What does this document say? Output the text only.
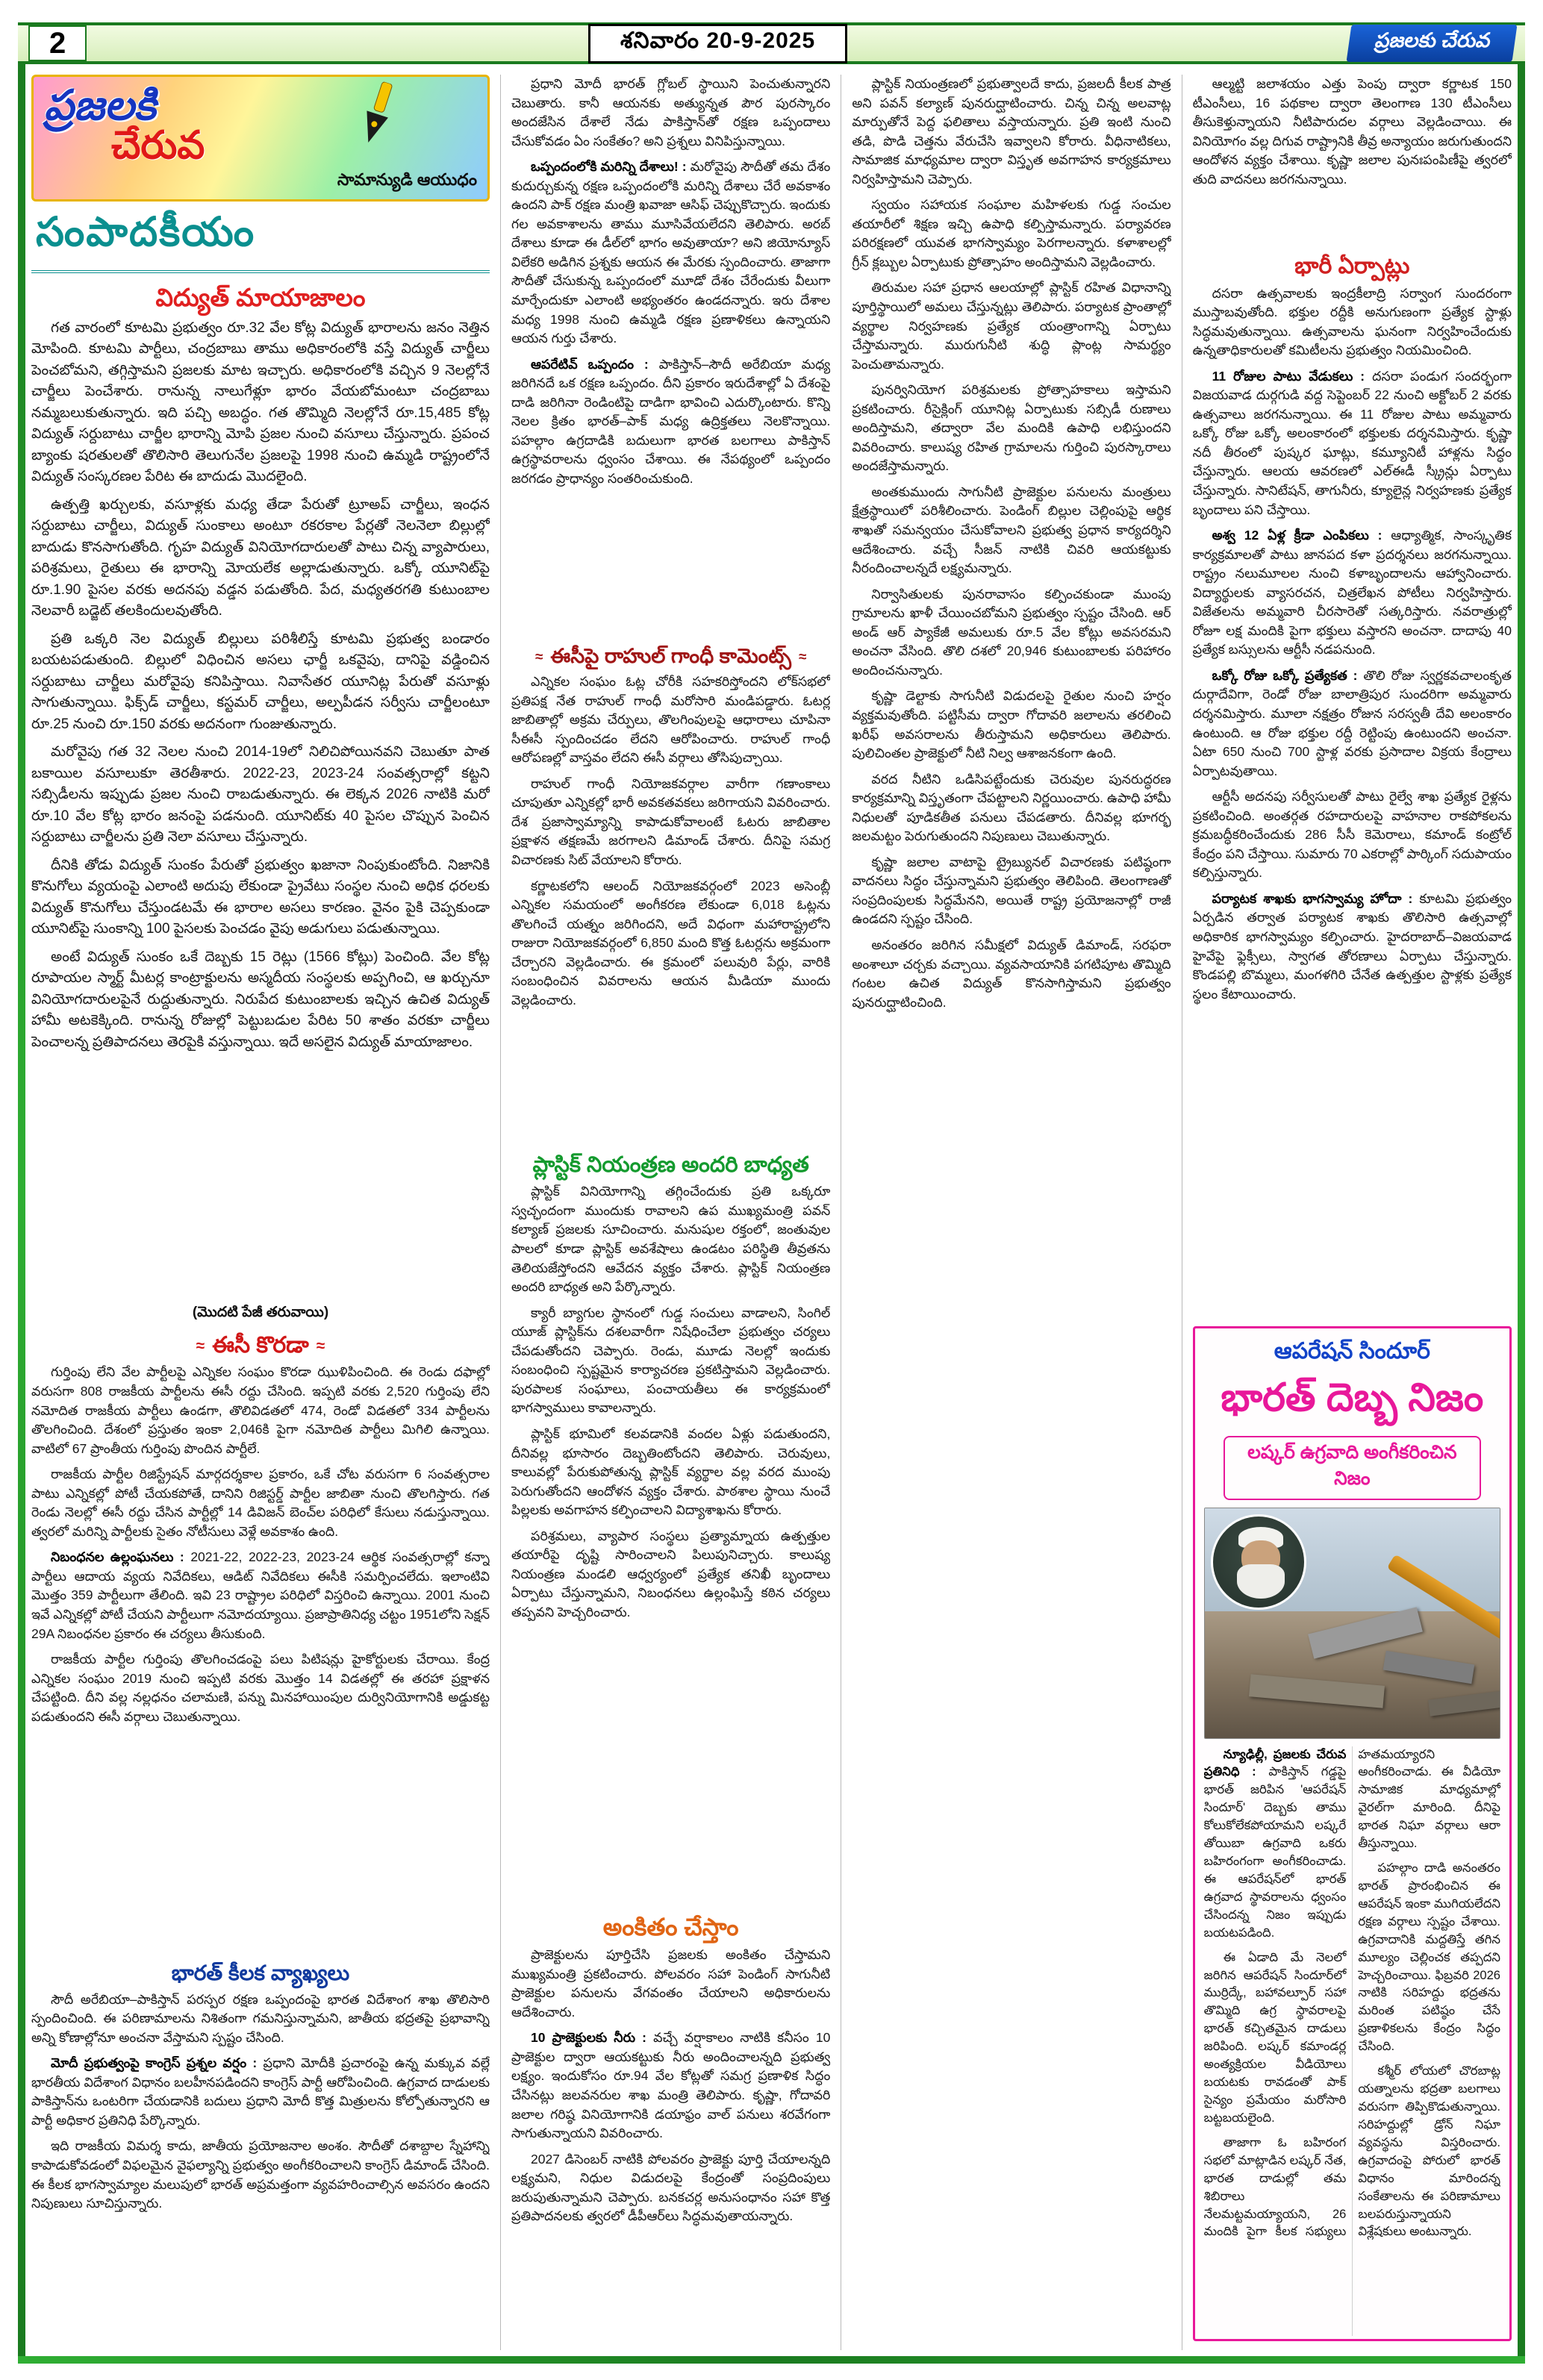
2	శనివారం 20-9-2025	ప్రజలకు చేరువ
ప్రజలకి
చేరువ
సామాన్యుడి ఆయుధం
సంపాదకీయం
విద్యుత్ మాయాజాలం

గత వారంలో కూటమి ప్రభుత్వం రూ.32 వేల కోట్ల విద్యుత్ భారాలను జనం నెత్తిన మోపింది. కూటమి పార్టీలు, చంద్రబాబు తాము అధికారంలోకి వస్తే విద్యుత్ చార్జీలు పెంచబోమని, తగ్గిస్తామని ప్రజలకు మాట ఇచ్చారు. అధికారంలోకి వచ్చిన 9 నెలల్లోనే చార్జీలు పెంచేశారు. రానున్న నాలుగేళ్లూ భారం వేయబోమంటూ చంద్రబాబు నమ్మబలుకుతున్నారు. ఇది పచ్చి అబద్ధం. గత తొమ్మిది నెలల్లోనే రూ.15,485 కోట్ల విద్యుత్ సర్దుబాటు చార్జీల భారాన్ని మోపి ప్రజల నుంచి వసూలు చేస్తున్నారు. ప్రపంచ బ్యాంకు షరతులతో తొలిసారి తెలుగునేల ప్రజలపై 1998 నుంచి ఉమ్మడి రాష్ట్రంలోనే విద్యుత్ సంస్కరణల పేరిట ఈ బాదుడు మొదలైంది.

ఉత్పత్తి ఖర్చులకు, వసూళ్లకు మధ్య తేడా పేరుతో ట్రూఅప్ చార్జీలు, ఇంధన సర్దుబాటు చార్జీలు, విద్యుత్ సుంకాలు అంటూ రకరకాల పేర్లతో నెలనెలా బిల్లుల్లో బాదుడు కొనసాగుతోంది. గృహ విద్యుత్ వినియోగదారులతో పాటు చిన్న వ్యాపారులు, పరిశ్రమలు, రైతులు ఈ భారాన్ని మోయలేక అల్లాడుతున్నారు. ఒక్కో యూనిట్‌పై రూ.1.90 పైసల వరకు అదనపు వడ్డన పడుతోంది. పేద, మధ్యతరగతి కుటుంబాల నెలవారీ బడ్జెట్ తలకిందులవుతోంది.

ప్రతి ఒక్కరి నెల విద్యుత్ బిల్లులు పరిశీలిస్తే కూటమి ప్రభుత్వ బండారం బయటపడుతుంది. బిల్లులో విధించిన అసలు ఛార్జీ ఒకవైపు, దానిపై వడ్డించిన సర్దుబాటు చార్జీలు మరోవైపు కనిపిస్తాయి. నివాసేతర యూనిట్ల పేరుతో వసూళ్లు సాగుతున్నాయి. ఫిక్స్‌డ్ చార్జీలు, కస్టమర్ చార్జీలు, అల్పపీడన సర్వీసు చార్జీలంటూ రూ.25 నుంచి రూ.150 వరకు అదనంగా గుంజుతున్నారు.

మరోవైపు గత 32 నెలల నుంచి 2014-19లో నిలిచిపోయినవని చెబుతూ పాత బకాయిల వసూలుకూ తెరతీశారు. 2022-23, 2023-24 సంవత్సరాల్లో కట్టని సబ్సిడీలను ఇప్పుడు ప్రజల నుంచి రాబడుతున్నారు. ఈ లెక్కన 2026 నాటికి మరో రూ.10 వేల కోట్ల భారం జనంపై పడనుంది. యూనిట్‌కు 40 పైసల చొప్పున పెంచిన సర్దుబాటు చార్జీలను ప్రతి నెలా వసూలు చేస్తున్నారు.

దీనికి తోడు విద్యుత్ సుంకం పేరుతో ప్రభుత్వం ఖజానా నింపుకుంటోంది. నిజానికి కొనుగోలు వ్యయంపై ఎలాంటి అదుపు లేకుండా ప్రైవేటు సంస్థల నుంచి అధిక ధరలకు విద్యుత్ కొనుగోలు చేస్తుండటమే ఈ భారాల అసలు కారణం. వైనం పైకి చెప్పకుండా యూనిట్‌పై సుంకాన్ని 100 పైసలకు పెంచడం వైపు అడుగులు పడుతున్నాయి.

అంటే విద్యుత్ సుంకం ఒకే దెబ్బకు 15 రెట్లు (1566 కోట్లు) పెంచింది. వేల కోట్ల రూపాయల స్మార్ట్ మీటర్ల కాంట్రాక్టులను అస్మదీయ సంస్థలకు అప్పగించి, ఆ ఖర్చునూ వినియోగదారులపైనే రుద్దుతున్నారు. నిరుపేద కుటుంబాలకు ఇచ్చిన ఉచిత విద్యుత్ హామీ అటకెక్కింది. రానున్న రోజుల్లో పెట్టుబడుల పేరిట 50 శాతం వరకూ చార్జీలు పెంచాలన్న ప్రతిపాదనలు తెరపైకి వస్తున్నాయి. ఇదే అసలైన విద్యుత్ మాయాజాలం.

(మొదటి పేజీ తరువాయి)
≈ ఈసీ కొరడా ≈

గుర్తింపు లేని వేల పార్టీలపై ఎన్నికల సంఘం కొరడా ఝుళిపించింది. ఈ రెండు దఫాల్లో వరుసగా 808 రాజకీయ పార్టీలను ఈసీ రద్దు చేసింది. ఇప్పటి వరకు 2,520 గుర్తింపు లేని నమోదిత రాజకీయ పార్టీలు ఉండగా, తొలివిడతలో 474, రెండో విడతలో 334 పార్టీలను తొలగించింది. దేశంలో ప్రస్తుతం ఇంకా 2,046కి పైగా నమోదిత పార్టీలు మిగిలి ఉన్నాయి. వాటిలో 67 ప్రాంతీయ గుర్తింపు పొందిన పార్టీలే.

రాజకీయ పార్టీల రిజిస్ట్రేషన్ మార్గదర్శకాల ప్రకారం, ఒకే చోట వరుసగా 6 సంవత్సరాల పాటు ఎన్నికల్లో పోటీ చేయకపోతే, దానిని రిజిస్టర్డ్ పార్టీల జాబితా నుంచి తొలగిస్తారు. గత రెండు నెలల్లో ఈసీ రద్దు చేసిన పార్టీల్లో 14 డివిజన్ బెంచ్‌ల పరిధిలో కేసులు నడుస్తున్నాయి. త్వరలో మరిన్ని పార్టీలకు సైతం నోటీసులు వెళ్లే అవకాశం ఉంది.

నిబంధనల ఉల్లంఘనలు : 2021-22, 2022-23, 2023-24 ఆర్థిక సంవత్సరాల్లో కన్నా పార్టీలు ఆదాయ వ్యయ నివేదికలు, ఆడిట్ నివేదికలు ఈసీకి సమర్పించలేదు. ఇలాంటివి మొత్తం 359 పార్టీలుగా తేలింది. ఇవి 23 రాష్ట్రాల పరిధిలో విస్తరించి ఉన్నాయి. 2001 నుంచి ఇవే ఎన్నికల్లో పోటీ చేయని పార్టీలుగా నమోదయ్యాయి. ప్రజాప్రాతినిధ్య చట్టం 1951లోని సెక్షన్ 29A నిబంధనల ప్రకారం ఈ చర్యలు తీసుకుంది.

రాజకీయ పార్టీల గుర్తింపు తొలగించడంపై పలు పిటిషన్లు హైకోర్టులకు చేరాయి. కేంద్ర ఎన్నికల సంఘం 2019 నుంచి ఇప్పటి వరకు మొత్తం 14 విడతల్లో ఈ తరహా ప్రక్షాళన చేపట్టింది. దీని వల్ల నల్లధనం చలామణి, పన్ను మినహాయింపుల దుర్వినియోగానికి అడ్డుకట్ట పడుతుందని ఈసీ వర్గాలు చెబుతున్నాయి.

భారత్ కీలక వ్యాఖ్యలు

సౌదీ అరేబియా–పాకిస్తాన్ పరస్పర రక్షణ ఒప్పందంపై భారత విదేశాంగ శాఖ తొలిసారి స్పందించింది. ఈ పరిణామాలను నిశితంగా గమనిస్తున్నామని, జాతీయ భద్రతపై ప్రభావాన్ని అన్ని కోణాల్లోనూ అంచనా వేస్తామని స్పష్టం చేసింది.

మోదీ ప్రభుత్వంపై కాంగ్రెస్ ప్రశ్నల వర్షం : ప్రధాని మోదీకి ప్రచారంపై ఉన్న మక్కువ వల్లే భారతీయ విదేశాంగ విధానం బలహీనపడిందని కాంగ్రెస్ పార్టీ ఆరోపించింది. ఉగ్రవాద దాడులకు పాకిస్తాన్‌ను ఒంటరిగా చేయడానికి బదులు ప్రధాని మోదీ కొత్త మిత్రులను కోల్పోతున్నారని ఆ పార్టీ అధికార ప్రతినిధి పేర్కొన్నారు.

ఇది రాజకీయ విమర్శ కాదు, జాతీయ ప్రయోజనాల అంశం. సౌదీతో దశాబ్దాల స్నేహాన్ని కాపాడుకోవడంలో విఫలమైన వైఫల్యాన్ని ప్రభుత్వం అంగీకరించాలని కాంగ్రెస్ డిమాండ్ చేసింది. ఈ కీలక భాగస్వామ్యాల మలుపులో భారత్ అప్రమత్తంగా వ్యవహరించాల్సిన అవసరం ఉందని నిపుణులు సూచిస్తున్నారు.

ప్రధాని మోదీ భారత్ గ్లోబల్ స్థాయిని పెంచుతున్నారని చెబుతారు. కానీ ఆయనకు అత్యున్నత పౌర పురస్కారం అందజేసిన దేశాలే నేడు పాకిస్తాన్‌తో రక్షణ ఒప్పందాలు చేసుకోవడం ఏం సంకేతం? అని ప్రశ్నలు వినిపిస్తున్నాయి.

ఒప్పందంలోకి మరిన్ని దేశాలు! : మరోవైపు సౌదీతో తమ దేశం కుదుర్చుకున్న రక్షణ ఒప్పందంలోకి మరిన్ని దేశాలు చేరే అవకాశం ఉందని పాక్ రక్షణ మంత్రి ఖవాజా ఆసిఫ్ చెప్పుకొచ్చారు. ఇందుకు గల అవకాశాలను తాము మూసివేయలేదని తెలిపారు. అరబ్ దేశాలు కూడా ఈ డీల్‌లో భాగం అవుతాయా? అని జియోన్యూస్ విలేకరి అడిగిన ప్రశ్నకు ఆయన ఈ మేరకు స్పందించారు. తాజాగా సౌదీతో చేసుకున్న ఒప్పందంలో మూడో దేశం చేరేందుకు వీలుగా మార్చేందుకూ ఎలాంటి అభ్యంతరం ఉండదన్నారు. ఇరు దేశాల మధ్య 1998 నుంచి ఉమ్మడి రక్షణ ప్రణాళికలు ఉన్నాయని ఆయన గుర్తు చేశారు.

ఆపరేటివ్ ఒప్పందం : పాకిస్తాన్–సౌదీ అరేబియా మధ్య జరిగినదే ఒక రక్షణ ఒప్పందం. దీని ప్రకారం ఇరుదేశాల్లో ఏ దేశంపై దాడి జరిగినా రెండింటిపై దాడిగా భావించి ఎదుర్కొంటారు. కొన్ని నెలల క్రితం భారత్–పాక్ మధ్య ఉద్రిక్తతలు నెలకొన్నాయి. పహల్గాం ఉగ్రదాడికి బదులుగా భారత బలగాలు పాకిస్తాన్ ఉగ్రస్థావరాలను ధ్వంసం చేశాయి. ఈ నేపథ్యంలో ఒప్పందం జరగడం ప్రాధాన్యం సంతరించుకుంది.

≈ ఈసీపై రాహుల్ గాంధీ కామెంట్స్ ≈

ఎన్నికల సంఘం ఓట్ల చోరీకి సహకరిస్తోందని లోక్‌సభలో ప్రతిపక్ష నేత రాహుల్ గాంధీ మరోసారి మండిపడ్డారు. ఓటర్ల జాబితాల్లో అక్రమ చేర్పులు, తొలగింపులపై ఆధారాలు చూపినా సీఈసీ స్పందించడం లేదని ఆరోపించారు. రాహుల్ గాంధీ ఆరోపణల్లో వాస్తవం లేదని ఈసీ వర్గాలు తోసిపుచ్చాయి.

రాహుల్ గాంధీ నియోజకవర్గాల వారీగా గణాంకాలు చూపుతూ ఎన్నికల్లో భారీ అవకతవకలు జరిగాయని వివరించారు. దేశ ప్రజాస్వామ్యాన్ని కాపాడుకోవాలంటే ఓటరు జాబితాల ప్రక్షాళన తక్షణమే జరగాలని డిమాండ్ చేశారు. దీనిపై సమగ్ర విచారణకు సిట్ వేయాలని కోరారు.

కర్ణాటకలోని ఆలంద్ నియోజకవర్గంలో 2023 అసెంబ్లీ ఎన్నికల సమయంలో అంగీకరణ లేకుండా 6,018 ఓట్లను తొలగించే యత్నం జరిగిందని, అదే విధంగా మహారాష్ట్రలోని రాజురా నియోజకవర్గంలో 6,850 మంది కొత్త ఓటర్లను అక్రమంగా చేర్చారని వెల్లడించారు. ఈ క్రమంలో పలువురి పేర్లు, వారికి సంబంధించిన వివరాలను ఆయన మీడియా ముందు వెల్లడించారు.

ప్లాస్టిక్ నియంత్రణ అందరి బాధ్యత

ప్లాస్టిక్ వినియోగాన్ని తగ్గించేందుకు ప్రతి ఒక్కరూ స్వచ్ఛందంగా ముందుకు రావాలని ఉప ముఖ్యమంత్రి పవన్ కల్యాణ్ ప్రజలకు సూచించారు. మనుషుల రక్తంలో, జంతువుల పాలలో కూడా ప్లాస్టిక్ అవశేషాలు ఉండటం పరిస్థితి తీవ్రతను తెలియజేస్తోందని ఆవేదన వ్యక్తం చేశారు. ప్లాస్టిక్ నియంత్రణ అందరి బాధ్యత అని పేర్కొన్నారు.

క్యారీ బ్యాగుల స్థానంలో గుడ్డ సంచులు వాడాలని, సింగిల్ యూజ్ ప్లాస్టిక్‌ను దశలవారీగా నిషేధించేలా ప్రభుత్వం చర్యలు చేపడుతోందని చెప్పారు. రెండు, మూడు నెలల్లో ఇందుకు సంబంధించి స్పష్టమైన కార్యాచరణ ప్రకటిస్తామని వెల్లడించారు. పురపాలక సంఘాలు, పంచాయతీలు ఈ కార్యక్రమంలో భాగస్వాములు కావాలన్నారు.

ప్లాస్టిక్ భూమిలో కలవడానికి వందల ఏళ్లు పడుతుందని, దీనివల్ల భూసారం దెబ్బతింటోందని తెలిపారు. చెరువులు, కాలువల్లో పేరుకుపోతున్న ప్లాస్టిక్ వ్యర్థాల వల్ల వరద ముంపు పెరుగుతోందని ఆందోళన వ్యక్తం చేశారు. పాఠశాల స్థాయి నుంచే పిల్లలకు అవగాహన కల్పించాలని విద్యాశాఖను కోరారు.

పరిశ్రమలు, వ్యాపార సంస్థలు ప్రత్యామ్నాయ ఉత్పత్తుల తయారీపై దృష్టి సారించాలని పిలుపునిచ్చారు. కాలుష్య నియంత్రణ మండలి ఆధ్వర్యంలో ప్రత్యేక తనిఖీ బృందాలు ఏర్పాటు చేస్తున్నామని, నిబంధనలు ఉల్లంఘిస్తే కఠిన చర్యలు తప్పవని హెచ్చరించారు.

అంకితం చేస్తాం

ప్రాజెక్టులను పూర్తిచేసి ప్రజలకు అంకితం చేస్తామని ముఖ్యమంత్రి ప్రకటించారు. పోలవరం సహా పెండింగ్ సాగునీటి ప్రాజెక్టుల పనులను వేగవంతం చేయాలని అధికారులను ఆదేశించారు.

10 ప్రాజెక్టులకు నీరు : వచ్చే వర్షాకాలం నాటికి కనీసం 10 ప్రాజెక్టుల ద్వారా ఆయకట్టుకు నీరు అందించాలన్నది ప్రభుత్వ లక్ష్యం. ఇందుకోసం రూ.94 వేల కోట్లతో సమగ్ర ప్రణాళిక సిద్ధం చేసినట్లు జలవనరుల శాఖ మంత్రి తెలిపారు. కృష్ణా, గోదావరి జలాల గరిష్ఠ వినియోగానికి డయాఫ్రం వాల్ పనులు శరవేగంగా సాగుతున్నాయని వివరించారు.

2027 డిసెంబర్ నాటికి పోలవరం ప్రాజెక్టు పూర్తి చేయాలన్నది లక్ష్యమని, నిధుల విడుదలపై కేంద్రంతో సంప్రదింపులు జరుపుతున్నామని చెప్పారు. బనకచర్ల అనుసంధానం సహా కొత్త ప్రతిపాదనలకు త్వరలో డీపీఆర్‌లు సిద్ధమవుతాయన్నారు.

ప్లాస్టిక్ నియంత్రణలో ప్రభుత్వాలదే కాదు, ప్రజలదీ కీలక పాత్ర అని పవన్ కల్యాణ్ పునరుద్ఘాటించారు. చిన్న చిన్న అలవాట్ల మార్పుతోనే పెద్ద ఫలితాలు వస్తాయన్నారు. ప్రతి ఇంటి నుంచి తడి, పొడి చెత్తను వేరుచేసి ఇవ్వాలని కోరారు. వీధినాటికలు, సామాజిక మాధ్యమాల ద్వారా విస్తృత అవగాహన కార్యక్రమాలు నిర్వహిస్తామని చెప్పారు.

స్వయం సహాయక సంఘాల మహిళలకు గుడ్డ సంచుల తయారీలో శిక్షణ ఇచ్చి ఉపాధి కల్పిస్తామన్నారు. పర్యావరణ పరిరక్షణలో యువత భాగస్వామ్యం పెరగాలన్నారు. కళాశాలల్లో గ్రీన్ క్లబ్బుల ఏర్పాటుకు ప్రోత్సాహం అందిస్తామని వెల్లడించారు.

తిరుమల సహా ప్రధాన ఆలయాల్లో ప్లాస్టిక్ రహిత విధానాన్ని పూర్తిస్థాయిలో అమలు చేస్తున్నట్లు తెలిపారు. పర్యాటక ప్రాంతాల్లో వ్యర్థాల నిర్వహణకు ప్రత్యేక యంత్రాంగాన్ని ఏర్పాటు చేస్తామన్నారు. మురుగునీటి శుద్ధి ప్లాంట్ల సామర్థ్యం పెంచుతామన్నారు.

పునర్వినియోగ పరిశ్రమలకు ప్రోత్సాహకాలు ఇస్తామని ప్రకటించారు. రీసైక్లింగ్ యూనిట్ల ఏర్పాటుకు సబ్సిడీ రుణాలు అందిస్తామని, తద్వారా వేల మందికి ఉపాధి లభిస్తుందని వివరించారు. కాలుష్య రహిత గ్రామాలను గుర్తించి పురస్కారాలు అందజేస్తామన్నారు.

అంతకుముందు సాగునీటి ప్రాజెక్టుల పనులను మంత్రులు క్షేత్రస్థాయిలో పరిశీలించారు. పెండింగ్ బిల్లుల చెల్లింపుపై ఆర్థిక శాఖతో సమన్వయం చేసుకోవాలని ప్రభుత్వ ప్రధాన కార్యదర్శిని ఆదేశించారు. వచ్చే సీజన్ నాటికి చివరి ఆయకట్టుకు నీరందించాలన్నదే లక్ష్యమన్నారు.

నిర్వాసితులకు పునరావాసం కల్పించకుండా ముంపు గ్రామాలను ఖాళీ చేయించబోమని ప్రభుత్వం స్పష్టం చేసింది. ఆర్ అండ్ ఆర్ ప్యాకేజీ అమలుకు రూ.5 వేల కోట్లు అవసరమని అంచనా వేసింది. తొలి దశలో 20,946 కుటుంబాలకు పరిహారం అందించనున్నారు.

కృష్ణా డెల్టాకు సాగునీటి విడుదలపై రైతుల నుంచి హర్షం వ్యక్తమవుతోంది. పట్టిసీమ ద్వారా గోదావరి జలాలను తరలించి ఖరీఫ్ అవసరాలను తీరుస్తామని అధికారులు తెలిపారు. పులిచింతల ప్రాజెక్టులో నీటి నిల్వ ఆశాజనకంగా ఉంది.

వరద నీటిని ఒడిసిపట్టేందుకు చెరువుల పునరుద్ధరణ కార్యక్రమాన్ని విస్తృతంగా చేపట్టాలని నిర్ణయించారు. ఉపాధి హామీ నిధులతో పూడికతీత పనులు చేపడతారు. దీనివల్ల భూగర్భ జలమట్టం పెరుగుతుందని నిపుణులు చెబుతున్నారు.

కృష్ణా జలాల వాటాపై ట్రైబ్యునల్ విచారణకు పటిష్ఠంగా వాదనలు సిద్ధం చేస్తున్నామని ప్రభుత్వం తెలిపింది. తెలంగాణతో సంప్రదింపులకు సిద్ధమేనని, అయితే రాష్ట్ర ప్రయోజనాల్లో రాజీ ఉండదని స్పష్టం చేసింది.

అనంతరం జరిగిన సమీక్షలో విద్యుత్ డిమాండ్, సరఫరా అంశాలూ చర్చకు వచ్చాయి. వ్యవసాయానికి పగటిపూట తొమ్మిది గంటల ఉచిత విద్యుత్ కొనసాగిస్తామని ప్రభుత్వం పునరుద్ఘాటించింది.

ఆల్మట్టి జలాశయం ఎత్తు పెంపు ద్వారా కర్ణాటక 150 టీఎంసీలు, 16 పథకాల ద్వారా తెలంగాణ 130 టీఎంసీలు తీసుకెళ్తున్నాయని నీటిపారుదల వర్గాలు వెల్లడించాయి. ఈ వినియోగం వల్ల దిగువ రాష్ట్రానికి తీవ్ర అన్యాయం జరుగుతుందని ఆందోళన వ్యక్తం చేశాయి. కృష్ణా జలాల పునఃపంపిణీపై త్వరలో తుది వాదనలు జరగనున్నాయి.

భారీ ఏర్పాట్లు

దసరా ఉత్సవాలకు ఇంద్రకీలాద్రి సర్వాంగ సుందరంగా ముస్తాబవుతోంది. భక్తుల రద్దీకి అనుగుణంగా ప్రత్యేక స్టాళ్లు సిద్ధమవుతున్నాయి. ఉత్సవాలను ఘనంగా నిర్వహించేందుకు ఉన్నతాధికారులతో కమిటీలను ప్రభుత్వం నియమించింది.

11 రోజుల పాటు వేడుకలు : దసరా పండుగ సందర్భంగా విజయవాడ దుర్గగుడి వద్ద సెప్టెంబర్ 22 నుంచి అక్టోబర్ 2 వరకు ఉత్సవాలు జరగనున్నాయి. ఈ 11 రోజుల పాటు అమ్మవారు ఒక్కో రోజు ఒక్కో అలంకారంలో భక్తులకు దర్శనమిస్తారు. కృష్ణా నదీ తీరంలో పుష్కర ఘాట్లు, కమ్యూనిటీ హాళ్లను సిద్ధం చేస్తున్నారు. ఆలయ ఆవరణలో ఎల్ఈడీ స్క్రీన్లు ఏర్పాటు చేస్తున్నారు. సానిటేషన్, తాగునీరు, క్యూలైన్ల నిర్వహణకు ప్రత్యేక బృందాలు పని చేస్తాయి.

అశ్వ 12 ఏళ్ల క్రీడా ఎంపికలు : ఆధ్యాత్మిక, సాంస్కృతిక కార్యక్రమాలతో పాటు జానపద కళా ప్రదర్శనలు జరగనున్నాయి. రాష్ట్రం నలుమూలల నుంచి కళాబృందాలను ఆహ్వానించారు. విద్యార్థులకు వ్యాసరచన, చిత్రలేఖన పోటీలు నిర్వహిస్తారు. విజేతలను అమ్మవారి చీరసారెతో సత్కరిస్తారు. నవరాత్రుల్లో రోజూ లక్ష మందికి పైగా భక్తులు వస్తారని అంచనా. దాదాపు 40 ప్రత్యేక బస్సులను ఆర్టీసీ నడపనుంది.

ఒక్కో రోజు ఒక్కో ప్రత్యేకత : తొలి రోజు స్వర్ణకవచాలంకృత దుర్గాదేవిగా, రెండో రోజు బాలాత్రిపుర సుందరిగా అమ్మవారు దర్శనమిస్తారు. మూలా నక్షత్రం రోజున సరస్వతీ దేవి అలంకారం ఉంటుంది. ఆ రోజు భక్తుల రద్దీ రెట్టింపు ఉంటుందని అంచనా. ఏటా 650 నుంచి 700 స్టాళ్ల వరకు ప్రసాదాల విక్రయ కేంద్రాలు ఏర్పాటవుతాయి.

ఆర్టీసీ అదనపు సర్వీసులతో పాటు రైల్వే శాఖ ప్రత్యేక రైళ్లను ప్రకటించింది. అంతర్గత రహదారులపై వాహనాల రాకపోకలను క్రమబద్ధీకరించేందుకు 286 సీసీ కెమెరాలు, కమాండ్ కంట్రోల్ కేంద్రం పని చేస్తాయి. సుమారు 70 ఎకరాల్లో పార్కింగ్ సదుపాయం కల్పిస్తున్నారు.

పర్యాటక శాఖకు భాగస్వామ్య హోదా : కూటమి ప్రభుత్వం ఏర్పడిన తర్వాత పర్యాటక శాఖకు తొలిసారి ఉత్సవాల్లో అధికారిక భాగస్వామ్యం కల్పించారు. హైదరాబాద్–విజయవాడ హైవేపై ఫ్లెక్సీలు, స్వాగత తోరణాలు ఏర్పాటు చేస్తున్నారు. కొండపల్లి బొమ్మలు, మంగళగిరి చేనేత ఉత్పత్తుల స్టాళ్లకు ప్రత్యేక స్థలం కేటాయించారు.

ఆపరేషన్ సిందూర్
భారత్ దెబ్బ నిజం
లష్కర్ ఉగ్రవాది అంగీకరించిన నిజం

న్యూఢిల్లీ, ప్రజలకు చేరువ ప్రతినిధి : పాకిస్తాన్ గడ్డపై భారత్ జరిపిన 'ఆపరేషన్ సిందూర్' దెబ్బకు తాము కోలుకోలేకపోయామని లష్కరే తోయిబా ఉగ్రవాది ఒకరు బహిరంగంగా అంగీకరించాడు. ఈ ఆపరేషన్‌లో భారత్ ఉగ్రవాద స్థావరాలను ధ్వంసం చేసిందన్న నిజం ఇప్పుడు బయటపడింది.

ఈ ఏడాది మే నెలలో జరిగిన ఆపరేషన్ సిందూర్‌లో ముర్రిద్కే, బహావల్పూర్ సహా తొమ్మిది ఉగ్ర స్థావరాలపై భారత్ కచ్చితమైన దాడులు జరిపింది. లష్కర్ కమాండర్ల అంత్యక్రియల వీడియోలు బయటకు రావడంతో పాక్ సైన్యం ప్రమేయం మరోసారి బట్టబయలైంది.

తాజాగా ఓ బహిరంగ సభలో మాట్లాడిన లష్కర్ నేత, భారత దాడుల్లో తమ శిబిరాలు నేలమట్టమయ్యాయని, 26 మందికి పైగా కీలక సభ్యులు హతమయ్యారని అంగీకరించాడు. ఈ వీడియో సామాజిక మాధ్యమాల్లో వైరల్‌గా మారింది. దీనిపై భారత నిఘా వర్గాలు ఆరా తీస్తున్నాయి.

పహల్గాం దాడి అనంతరం భారత్ ప్రారంభించిన ఈ ఆపరేషన్ ఇంకా ముగియలేదని రక్షణ వర్గాలు స్పష్టం చేశాయి. ఉగ్రవాదానికి మద్దతిస్తే తగిన మూల్యం చెల్లించక తప్పదని హెచ్చరించాయి. ఫిబ్రవరి 2026 నాటికి సరిహద్దు భద్రతను మరింత పటిష్ఠం చేసే ప్రణాళికలను కేంద్రం సిద్ధం చేసింది.

కశ్మీర్ లోయలో చొరబాట్ల యత్నాలను భద్రతా బలగాలు వరుసగా తిప్పికొడుతున్నాయి. సరిహద్దుల్లో డ్రోన్ నిఘా వ్యవస్థను విస్తరించారు. ఉగ్రవాదంపై పోరులో భారత్ విధానం మారిందన్న సంకేతాలను ఈ పరిణామాలు బలపరుస్తున్నాయని విశ్లేషకులు అంటున్నారు.
